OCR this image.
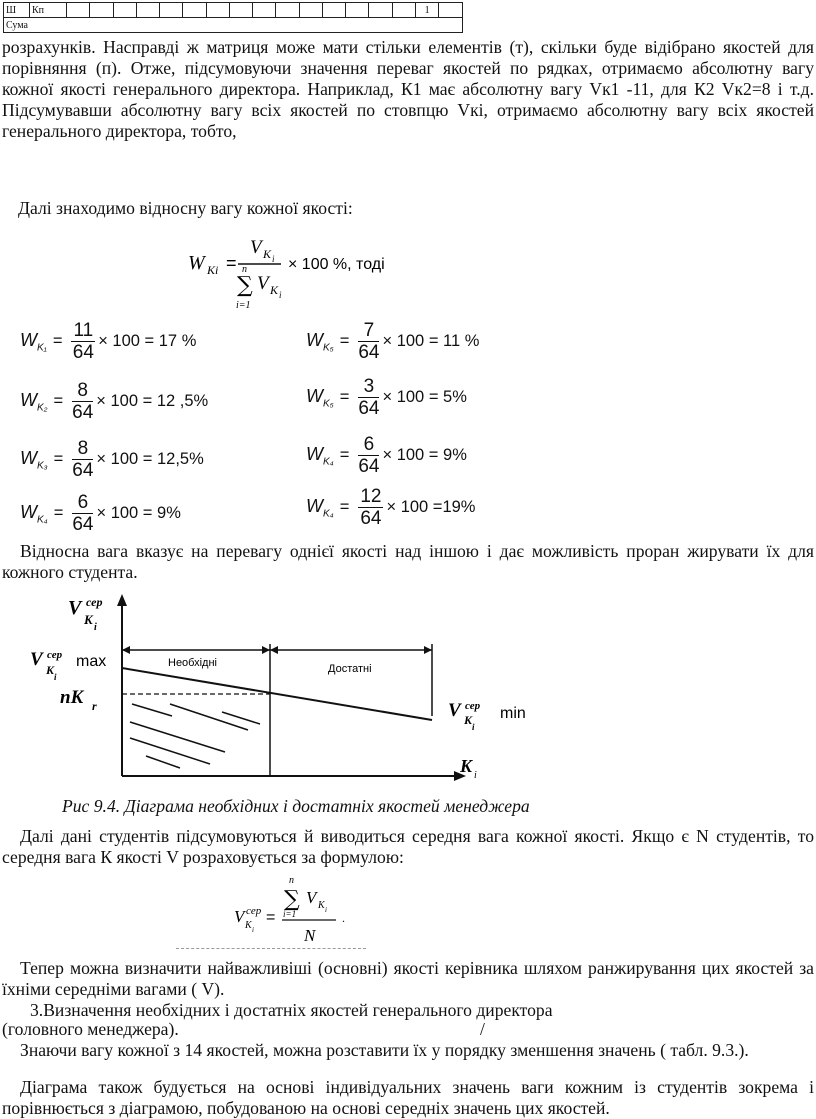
Ш	Кп																1	
Сума

розрахунків. Насправді ж матриця може мати стільки елементів (т), скільки буде відібрано якостей для порівняння (п). Отже, підсумовуючи значення переваг якостей по рядках, отримаємо абсолютну вагу кожної якості генерального директора. Наприклад, К1 має абсолютну вагу Vк1 -11, для К2 Vк2=8 і т.д. Підсумувавши абсолютну вагу всіх якостей по стовпцю Vкі, отримаємо абсолютну вагу всіх якостей генерального директора, тобто,

Далі знаходимо відносну вагу кожної якості:

W Ki =
V K i
n
∑
i=1
V K i
× 100 %, тоді
$W_{K_1} = \frac{11}{64} \times 100 = 17$ %
$W_{K_2} = \frac{8}{64} \times 100 = 12$ ,5%
$W_{K_3} = \frac{8}{64} \times 100 = 12,5\%$
$W_{K_4} = \frac{6}{64} \times 100 = 9\%$
$W_{K_5} = \frac{7}{64} \times 100 = 11$ %
$W_{K_5} = \frac{3}{64} \times 100 = 5\%$
$W_{K_4} = \frac{6}{64} \times 100 = 9\%$
$W_{K_4} = \frac{12}{64} \times 100 =19\%$

Відносна вага вказує на перевагу однієї якості над іншою і дає можливість проран жирувати їх для кожного студента.

V сер
K
i
V сер
K i
max
nK r
Необхідні	Достатні
V сер
K i
min
K i

Рис 9.4. Діаграма необхідних і достатніх якостей менеджера

Далі дані студентів підсумовуються й виводиться середня вага кожної якості. Якщо є N студентів, то середня вага К якості V розраховується за формулою:

V cep
K i
=
n
∑
i=1
V K i
N
.

Тепер можна визначити найважливіші (основні) якості керівника шляхом ранжирування цих якостей за їхніми середніми вагами ( V).

3.Визначення необхідних і достатніх якостей генерального директора

(головного менеджера).	/

Знаючи вагу кожної з 14 якостей, можна розставити їх у порядку зменшення значень ( табл. 9.3.).

Діаграма також будується на основі індивідуальних значень ваги кожним із студентів зокрема і порівнюється з діаграмою, побудованою на основі середніх значень цих якостей.
